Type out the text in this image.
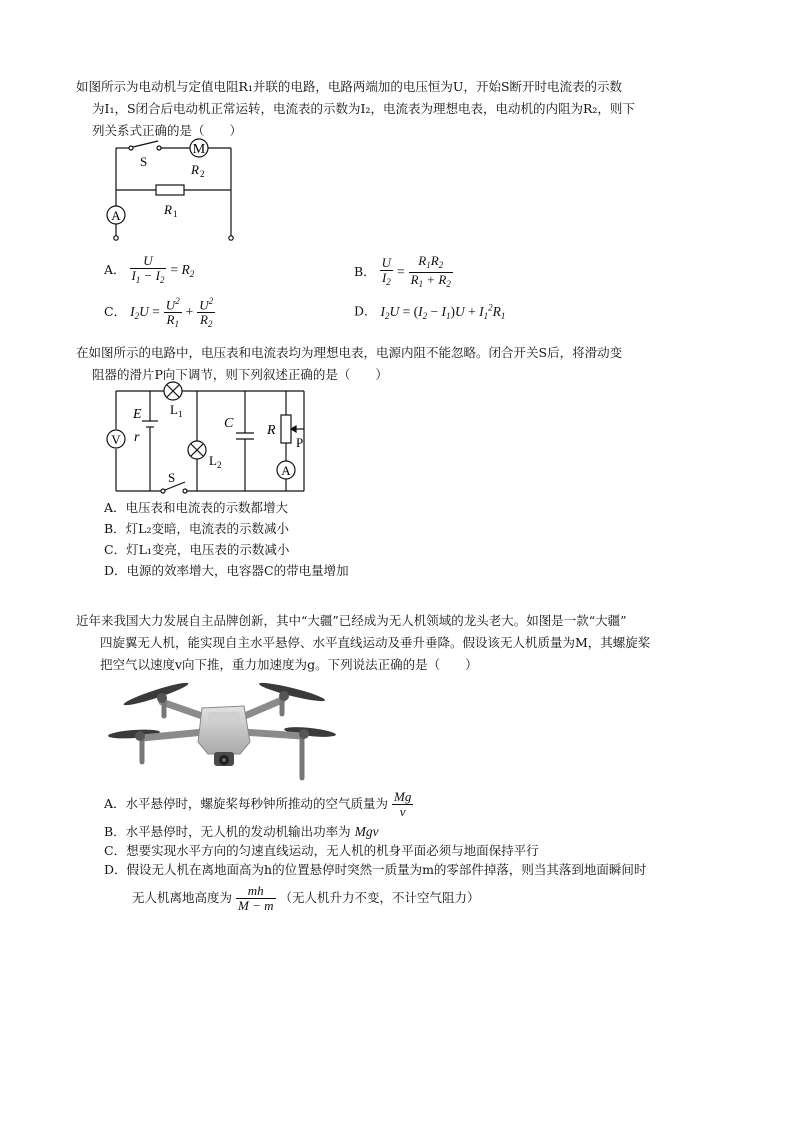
如图所示为电动机与定值电阻R₁并联的电路，电路两端加的电压恒为U，开始S断开时电流表的示数

为I₁，S闭合后电动机正常运转，电流表的示数为I₂，电流表为理想电表，电动机的内阻为R₂，则下

列关系式正确的是（　　）

M
S
R 2
R 1
A
A． $\frac{U}{I_1 - I_2} = R_2$	B． $\frac{U}{I_2} = \frac{R_1R_2}{R_1 + R_2}$
C． $I_2U = \frac{U^2}{R_1} + \frac{U^2}{R_2}$	D． $I_2U = (I_2 - I_1)U + I_1^2R_1$

在如图所示的电路中，电压表和电流表均为理想电表，电源内阻不能忽略。闭合开关S后，将滑动变

阻器的滑片P向下调节，则下列叙述正确的是（　　）

V
E
r
L 1
L 2
S
C R
P
A
A．电压表和电流表的示数都增大
B．灯L₂变暗，电流表的示数减小
C．灯L₁变亮，电压表的示数减小
D．电源的效率增大，电容器C的带电量增加

近年来我国大力发展自主品牌创新，其中“大疆”已经成为无人机领域的龙头老大。如图是一款“大疆”

四旋翼无人机，能实现自主水平悬停、水平直线运动及垂升垂降。假设该无人机质量为M，其螺旋桨

把空气以速度v向下推，重力加速度为g。下列说法正确的是（　　）

A．水平悬停时，螺旋桨每秒钟所推动的空气质量为 $\frac{Mg}{v}$
B．水平悬停时，无人机的发动机输出功率为 Mgv
C．想要实现水平方向的匀速直线运动，无人机的机身平面必须与地面保持平行
D．假设无人机在离地面高为h的位置悬停时突然一质量为m的零部件掉落，则当其落到地面瞬间时
无人机离地高度为 $\frac{mh}{M - m}$ （无人机升力不变，不计空气阻力）
